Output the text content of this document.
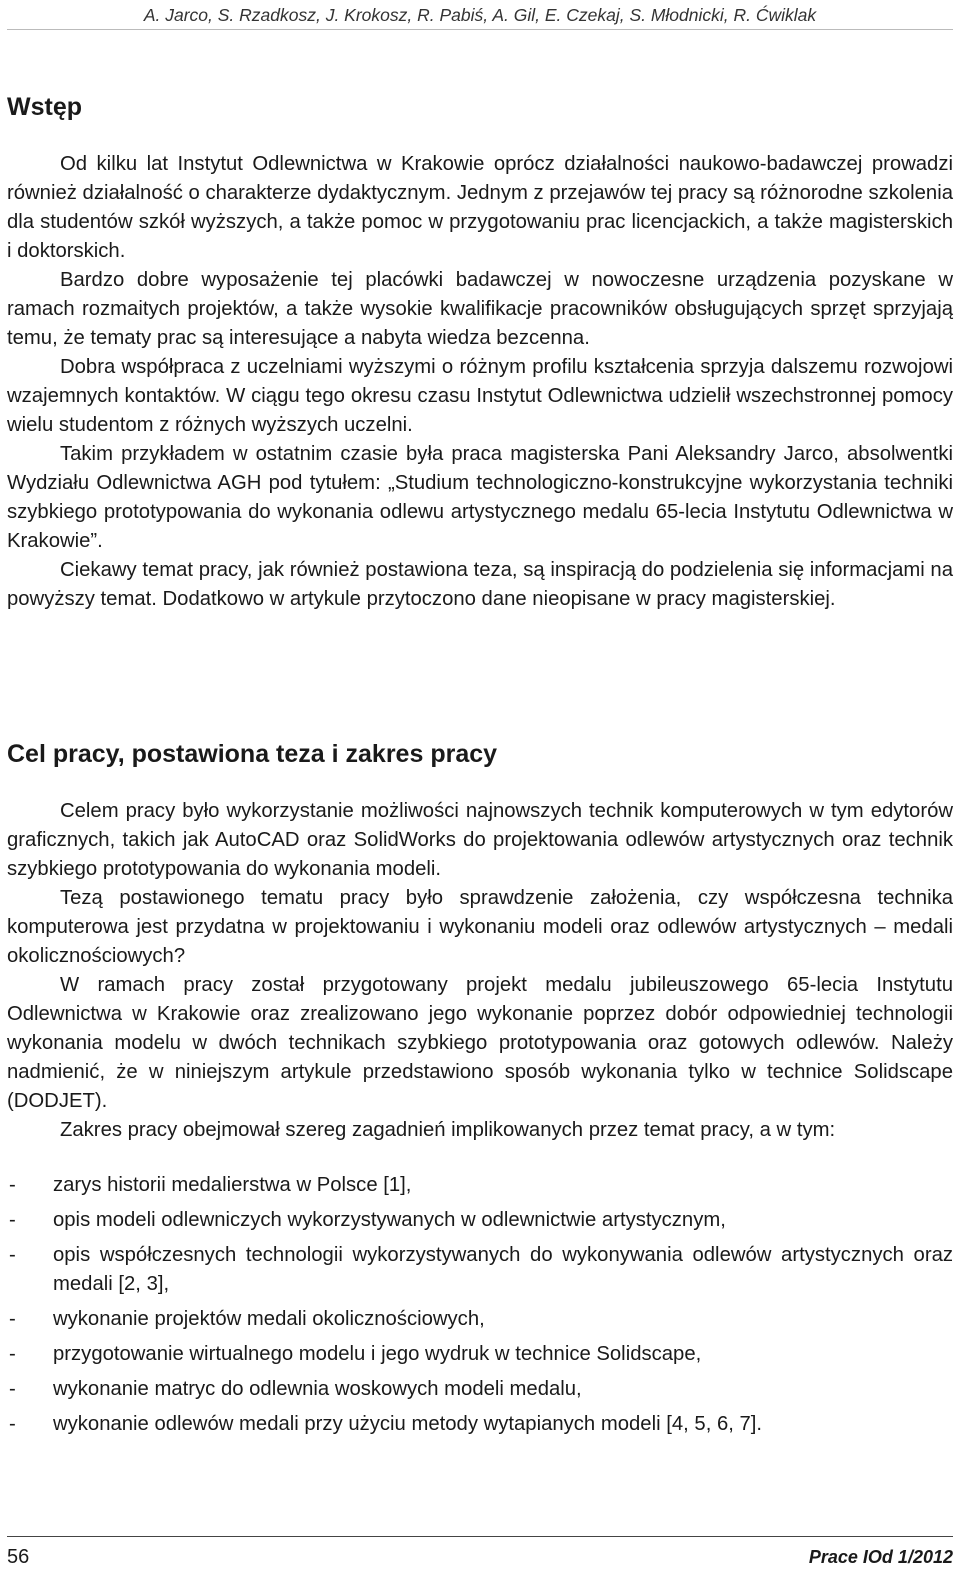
A. Jarco, S. Rzadkosz, J. Krokosz, R. Pabiś, A. Gil, E. Czekaj, S. Młodnicki, R. Ćwiklak
Wstęp

Od kilku lat Instytut Odlewnictwa w Krakowie oprócz działalności naukowo-badawczej prowadzi również działalność o charakterze dydaktycznym. Jednym z przejawów tej pracy są różnorodne szkolenia dla studentów szkół wyższych, a także pomoc w przygotowaniu prac licencjackich, a także magisterskich i doktorskich.

Bardzo dobre wyposażenie tej placówki badawczej w nowoczesne urządzenia pozyskane w ramach rozmaitych projektów, a także wysokie kwalifikacje pracowników obsługujących sprzęt sprzyjają temu, że tematy prac są interesujące a nabyta wiedza bezcenna.

Dobra współpraca z uczelniami wyższymi o różnym profilu kształcenia sprzyja dalszemu rozwojowi wzajemnych kontaktów. W ciągu tego okresu czasu Instytut Odlewnictwa udzielił wszechstronnej pomocy wielu studentom z różnych wyższych uczelni.

Takim przykładem w ostatnim czasie była praca magisterska Pani Aleksandry Jarco, absolwentki Wydziału Odlewnictwa AGH pod tytułem: „Studium technologiczno-konstrukcyjne wykorzystania techniki szybkiego prototypowania do wykonania odlewu artystycznego medalu 65-lecia Instytutu Odlewnictwa w Krakowie”.

Ciekawy temat pracy, jak również postawiona teza, są inspiracją do podzielenia się informacjami na powyższy temat. Dodatkowo w artykule przytoczono dane nieopisane w pracy magisterskiej.

Cel pracy, postawiona teza i zakres pracy

Celem pracy było wykorzystanie możliwości najnowszych technik komputerowych w tym edytorów graficznych, takich jak AutoCAD oraz SolidWorks do projektowania odlewów artystycznych oraz technik szybkiego prototypowania do wykonania modeli.

Tezą postawionego tematu pracy było sprawdzenie założenia, czy współczesna technika komputerowa jest przydatna w projektowaniu i wykonaniu modeli oraz odlewów artystycznych – medali okolicznościowych?

W ramach pracy został przygotowany projekt medalu jubileuszowego 65-lecia Instytutu Odlewnictwa w Krakowie oraz zrealizowano jego wykonanie poprzez dobór odpowiedniej technologii wykonania modelu w dwóch technikach szybkiego prototypowania oraz gotowych odlewów. Należy nadmienić, że w niniejszym artykule przedstawiono sposób wykonania tylko w technice Solidscape (DODJET).

Zakres pracy obejmował szereg zagadnień implikowanych przez temat pracy, a w tym:

- zarys historii medalierstwa w Polsce [1],
- opis modeli odlewniczych wykorzystywanych w odlewnictwie artystycznym,
- opis współczesnych technologii wykorzystywanych do wykonywania odlewów artystycznych oraz medali [2, 3],
- wykonanie projektów medali okolicznościowych,
- przygotowanie wirtualnego modelu i jego wydruk w technice Solidscape,
- wykonanie matryc do odlewnia woskowych modeli medalu,
- wykonanie odlewów medali przy użyciu metody wytapianych modeli [4, 5, 6, 7].
56	Prace IOd 1/2012
